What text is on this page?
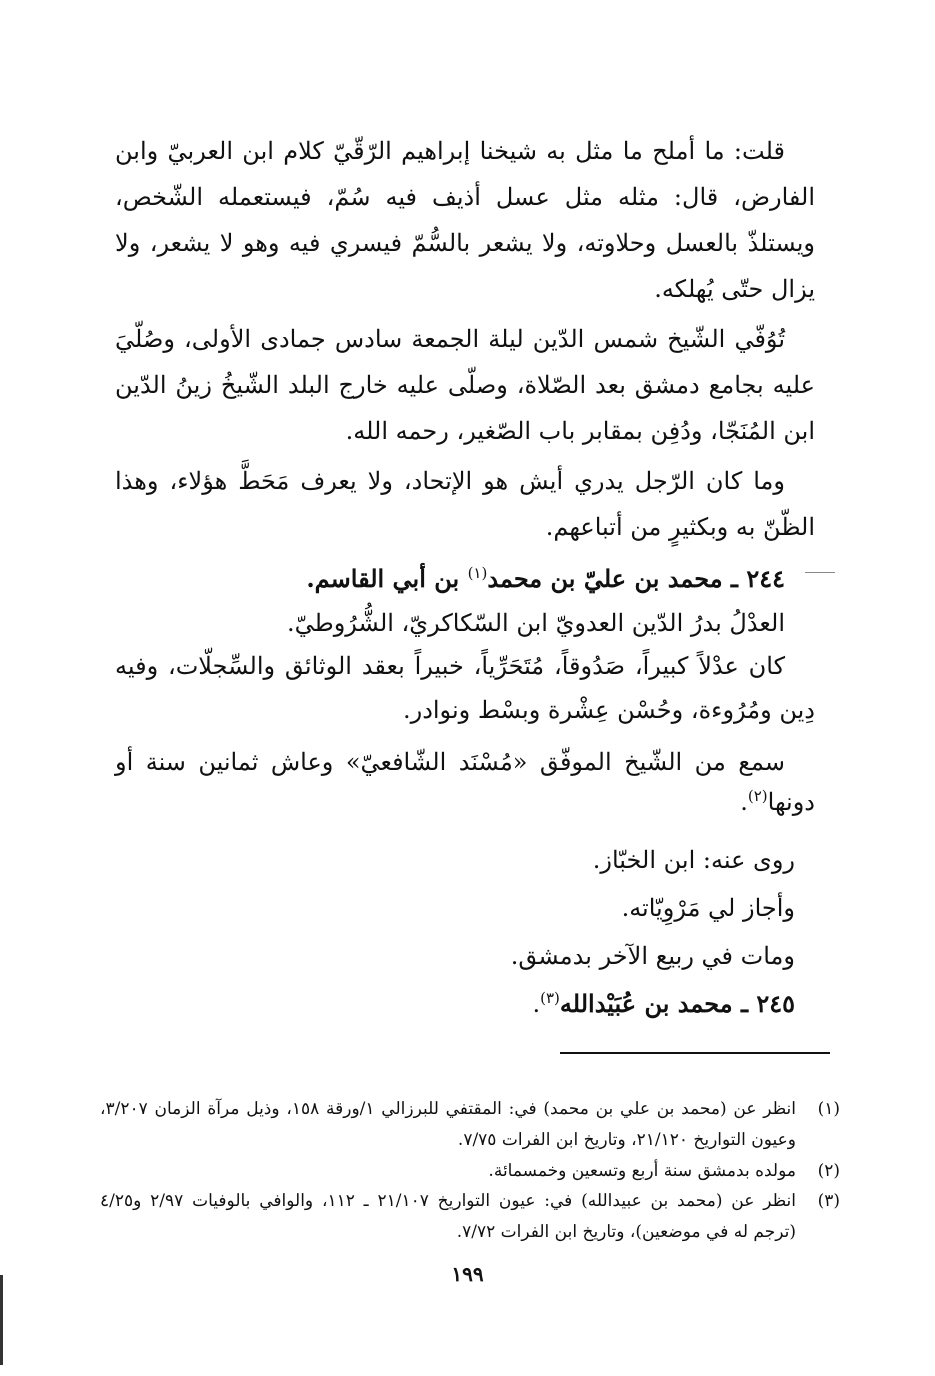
قلت: ما أملح ما مثل به شيخنا إبراهيم الرّقّيّ كلام ابن العربيّ وابن الفارض، قال: مثله مثل عسل أذيف فيه سُمّ، فيستعمله الشّخص، ويستلذّ بالعسل وحلاوته، ولا يشعر بالسُّمّ فيسري فيه وهو لا يشعر، ولا يزال حتّى يُهلكه.

تُوُفّي الشّيخ شمس الدّين ليلة الجمعة سادس جمادى الأولى، وصُلّيَ عليه بجامع دمشق بعد الصّلاة، وصلّى عليه خارج البلد الشّيخُ زينُ الدّين ابن المُنَجّا، ودُفِن بمقابر باب الصّغير، رحمه الله.

وما كان الرّجل يدري أيش هو الإتحاد، ولا يعرف مَحَطَّ هؤلاء، وهذا الظّنّ به وبكثيرٍ من أتباعهم.

٢٤٤ ـ محمد بن عليّ بن محمد$^{(١)}$ بن أبي القاسم.

العدْلُ بدرُ الدّين العدويّ ابن السّكاكريّ، الشُّرُوطيّ.

كان عدْلاً كبيراً، صَدُوقاً، مُتَحَرِّياً، خبيراً بعقد الوثائق والسِّجلّات، وفيه دِين ومُرُوءة، وحُسْن عِشْرة وبسْط ونوادر.

سمع من الشّيخ الموفّق «مُسْنَد الشّافعيّ» وعاش ثمانين سنة أو دونها$^{(٢)}$.

روى عنه: ابن الخبّاز.

وأجاز لي مَرْوِيّاته.

ومات في ربيع الآخر بدمشق.

٢٤٥ ـ محمد بن عُبَيْدالله$^{(٣)}$.

(١)
انظر عن (محمد بن علي بن محمد) في: المقتفي للبرزالي ١/ورقة ١٥٨، وذيل مرآة الزمان ٣/٢٠٧، وعيون التواريخ ٢١/١٢٠، وتاريخ ابن الفرات ٧/٧٥.
(٢)
مولده بدمشق سنة أربع وتسعين وخمسمائة.
(٣)
انظر عن (محمد بن عبيدالله) في: عيون التواريخ ٢١/١٠٧ ـ ١١٢، والوافي بالوفيات ٢/٩٧ و٤/٢٥ (ترجم له في موضعين)، وتاريخ ابن الفرات ٧/٧٢.
١٩٩
